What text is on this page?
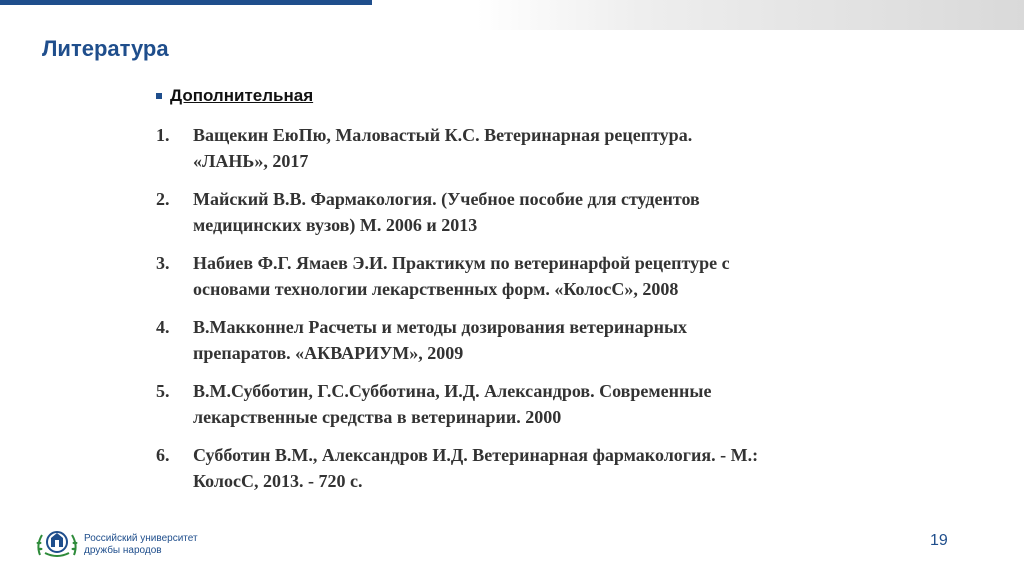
Литература
Дополнительная
1.	Ващекин ЕюПю, Маловастый К.С. Ветеринарная рецептура.
«ЛАНЬ», 2017
2.	Майский В.В. Фармакология. (Учебное пособие для студентов
медицинских вузов) М. 2006 и 2013
3.	Набиев Ф.Г. Ямаев Э.И. Практикум по ветеринарфой рецептуре с
основами технологии лекарственных форм. «КолосС», 2008
4.	В.Макконнел Расчеты и методы дозирования ветеринарных
препаратов. «АКВАРИУМ», 2009
5.	В.М.Субботин, Г.С.Субботина, И.Д. Александров. Современные
лекарственные средства в ветеринарии. 2000
6.	Субботин В.М., Александров И.Д. Ветеринарная фармакология. - М.:
КолосС, 2013. - 720 с.
Российский университет
дружбы народов
19
